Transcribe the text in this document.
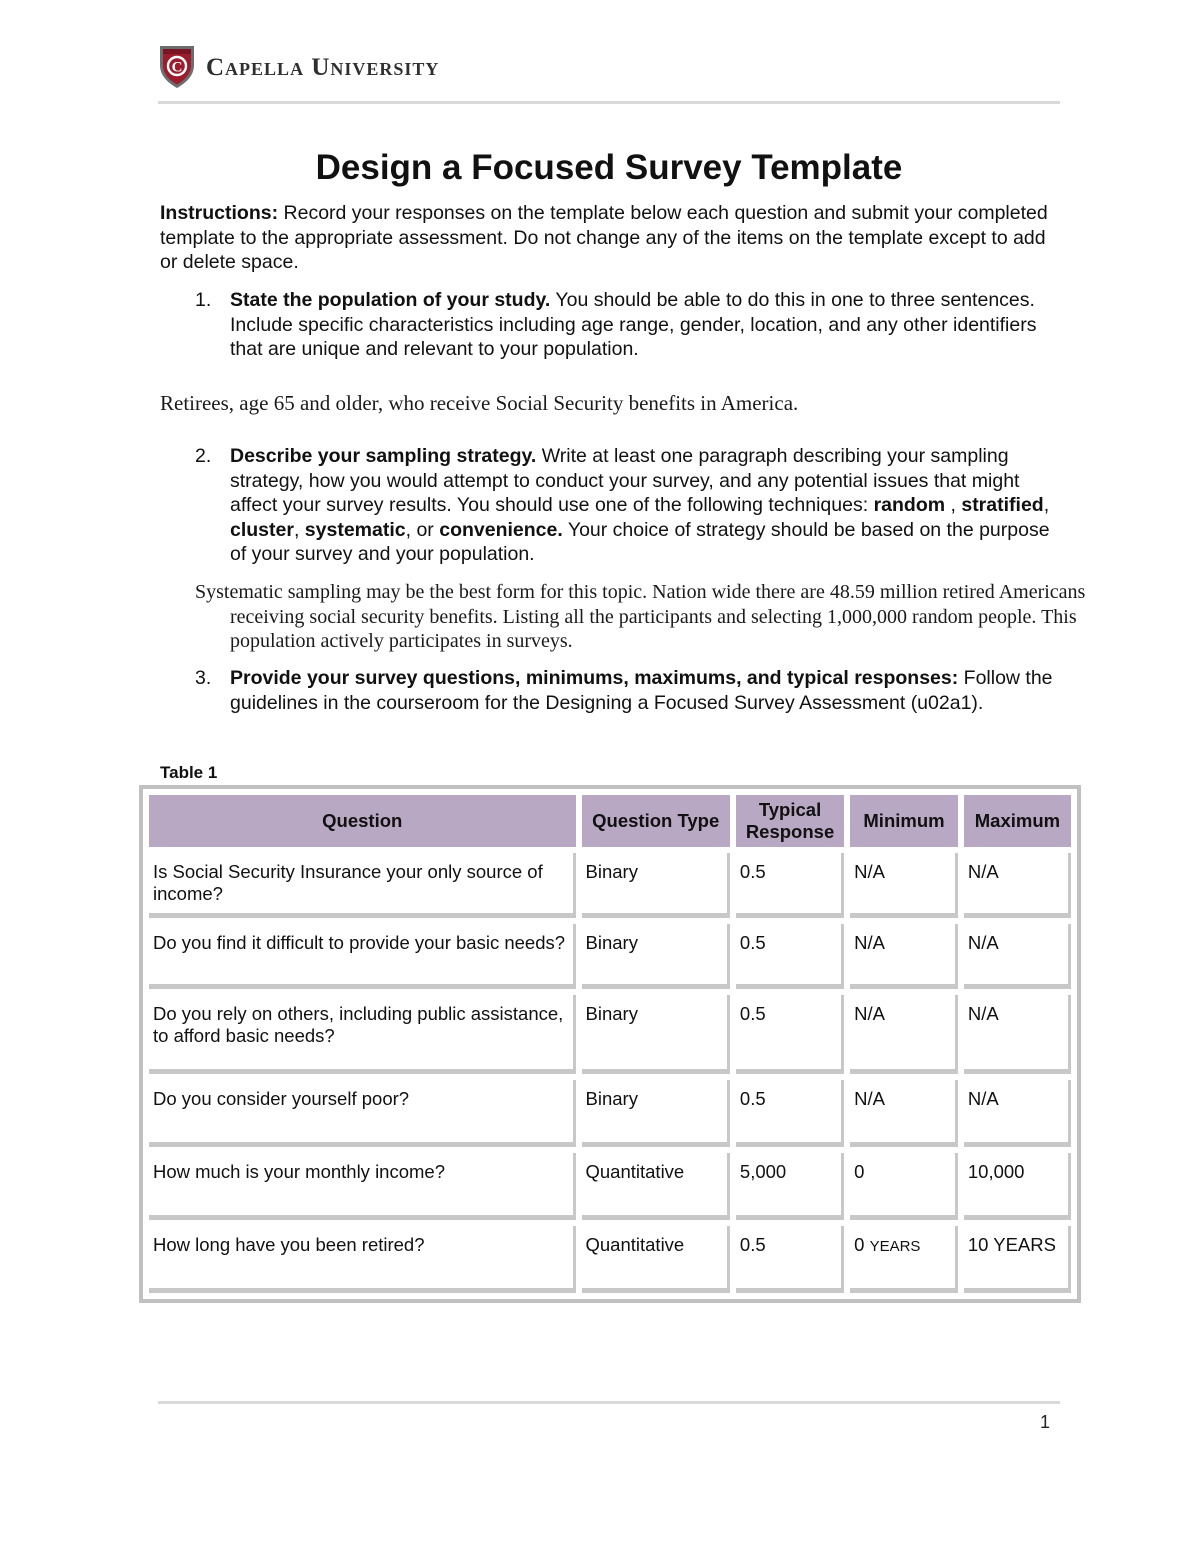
C Capella University
Design a Focused Survey Template
Instructions: Record your responses on the template below each question and submit your completed template to the appropriate assessment. Do not change any of the items on the template except to add or delete space.
1. State the population of your study. You should be able to do this in one to three sentences. Include specific characteristics including age range, gender, location, and any other identifiers that are unique and relevant to your population.
Retirees, age 65 and older, who receive Social Security benefits in America.
2. Describe your sampling strategy. Write at least one paragraph describing your sampling strategy, how you would attempt to conduct your survey, and any potential issues that might affect your survey results. You should use one of the following techniques: random , stratified, cluster, systematic, or convenience. Your choice of strategy should be based on the purpose of your survey and your population.
Systematic sampling may be the best form for this topic. Nation wide there are 48.59 million retired Americans receiving social security benefits. Listing all the participants and selecting 1,000,000 random people. This population actively participates in surveys.
3. Provide your survey questions, minimums, maximums, and typical responses: Follow the guidelines in the courseroom for the Designing a Focused Survey Assessment (u02a1).
Table 1
Question	Question Type	Typical Response	Minimum	Maximum
Is Social Security Insurance your only source of income?	Binary	0.5	N/A	N/A
Do you find it difficult to provide your basic needs?	Binary	0.5	N/A	N/A
Do you rely on others, including public assistance, to afford basic needs?	Binary	0.5	N/A	N/A
Do you consider yourself poor?	Binary	0.5	N/A	N/A
How much is your monthly income?	Quantitative	5,000	0	10,000
How long have you been retired?	Quantitative	0.5	0 YEARS	10 YEARS
1
